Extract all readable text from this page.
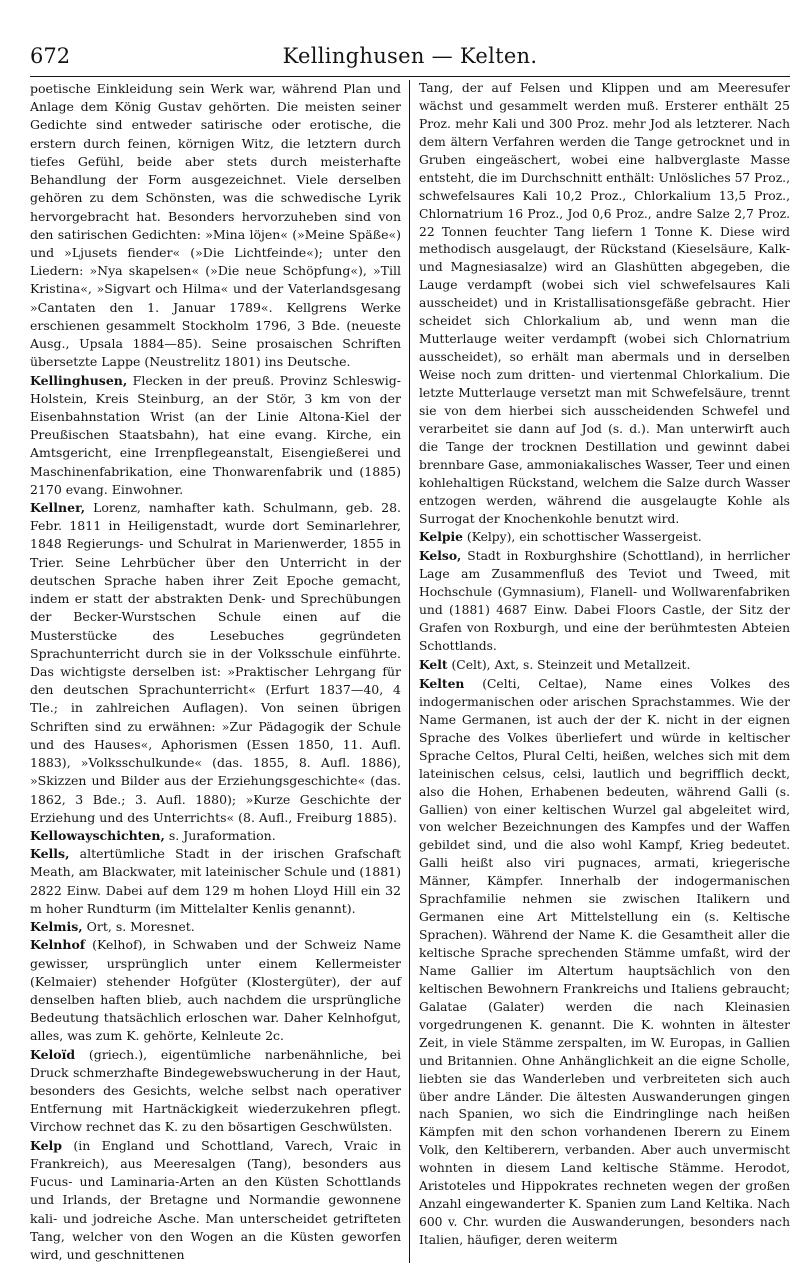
672	Kellinghusen — Kelten.

poetische Einkleidung sein Werk war, während Plan und Anlage dem König Gustav gehörten. Die meisten seiner Gedichte sind entweder satirische oder erotische, die erstern durch feinen, körnigen Witz, die letztern durch tiefes Gefühl, beide aber stets durch meisterhafte Behandlung der Form ausgezeichnet. Viele derselben gehören zu dem Schönsten, was die schwedische Lyrik hervorgebracht hat. Besonders hervorzuheben sind von den satirischen Gedichten: »Mina löjen« (»Meine Späße«) und »Ljusets fiender« (»Die Lichtfeinde«); unter den Liedern: »Nya skapelsen« (»Die neue Schöpfung«), »Till Kristina«, »Sigvart och Hilma« und der Vaterlandsgesang »Cantaten den 1. Januar 1789«. Kellgrens Werke erschienen gesammelt Stockholm 1796, 3 Bde. (neueste Ausg., Upsala 1884—85). Seine prosaischen Schriften übersetzte Lappe (Neustrelitz 1801) ins Deutsche.

Kellinghusen, Flecken in der preuß. Provinz Schleswig-Holstein, Kreis Steinburg, an der Stör, 3 km von der Eisenbahnstation Wrist (an der Linie Altona-Kiel der Preußischen Staatsbahn), hat eine evang. Kirche, ein Amtsgericht, eine Irrenpflegeanstalt, Eisengießerei und Maschinenfabrikation, eine Thonwarenfabrik und (1885) 2170 evang. Einwohner.

Kellner, Lorenz, namhafter kath. Schulmann, geb. 28. Febr. 1811 in Heiligenstadt, wurde dort Seminarlehrer, 1848 Regierungs- und Schulrat in Marienwerder, 1855 in Trier. Seine Lehrbücher über den Unterricht in der deutschen Sprache haben ihrer Zeit Epoche gemacht, indem er statt der abstrakten Denk- und Sprechübungen der Becker-Wurstschen Schule einen auf die Musterstücke des Lesebuches gegründeten Sprachunterricht durch sie in der Volksschule einführte. Das wichtigste derselben ist: »Praktischer Lehrgang für den deutschen Sprachunterricht« (Erfurt 1837—40, 4 Tle.; in zahlreichen Auflagen). Von seinen übrigen Schriften sind zu erwähnen: »Zur Pädagogik der Schule und des Hauses«, Aphorismen (Essen 1850, 11. Aufl. 1883), »Volksschulkunde« (das. 1855, 8. Aufl. 1886), »Skizzen und Bilder aus der Erziehungsgeschichte« (das. 1862, 3 Bde.; 3. Aufl. 1880); »Kurze Geschichte der Erziehung und des Unterrichts« (8. Aufl., Freiburg 1885).

Kellowayschichten, s. Juraformation.

Kells, altertümliche Stadt in der irischen Grafschaft Meath, am Blackwater, mit lateinischer Schule und (1881) 2822 Einw. Dabei auf dem 129 m hohen Lloyd Hill ein 32 m hoher Rundturm (im Mittelalter Kenlis genannt).

Kelmis, Ort, s. Moresnet.

Kelnhof (Kelhof), in Schwaben und der Schweiz Name gewisser, ursprünglich unter einem Kellermeister (Kelmaier) stehender Hofgüter (Klostergüter), der auf denselben haften blieb, auch nachdem die ursprüngliche Bedeutung thatsächlich erloschen war. Daher Kelnhofgut, alles, was zum K. gehörte, Kelnleute 2c.

Keloïd (griech.), eigentümliche narbenähnliche, bei Druck schmerzhafte Bindegewebswucherung in der Haut, besonders des Gesichts, welche selbst nach operativer Entfernung mit Hartnäckigkeit wiederzukehren pflegt. Virchow rechnet das K. zu den bösartigen Geschwülsten.

Kelp (in England und Schottland, Varech, Vraic in Frankreich), aus Meeresalgen (Tang), besonders aus Fucus- und Laminaria-Arten an den Küsten Schottlands und Irlands, der Bretagne und Normandie gewonnene kali- und jodreiche Asche. Man unterscheidet getrifteten Tang, welcher von den Wogen an die Küsten geworfen wird, und geschnittenen

Tang, der auf Felsen und Klippen und am Meeresufer wächst und gesammelt werden muß. Ersterer enthält 25 Proz. mehr Kali und 300 Proz. mehr Jod als letzterer. Nach dem ältern Verfahren werden die Tange getrocknet und in Gruben eingeäschert, wobei eine halbverglaste Masse entsteht, die im Durchschnitt enthält: Unlösliches 57 Proz., schwefelsaures Kali 10,2 Proz., Chlorkalium 13,5 Proz., Chlornatrium 16 Proz., Jod 0,6 Proz., andre Salze 2,7 Proz. 22 Tonnen feuchter Tang liefern 1 Tonne K. Diese wird methodisch ausgelaugt, der Rückstand (Kieselsäure, Kalk- und Magnesiasalze) wird an Glashütten abgegeben, die Lauge verdampft (wobei sich viel schwefelsaures Kali ausscheidet) und in Kristallisationsgefäße gebracht. Hier scheidet sich Chlorkalium ab, und wenn man die Mutterlauge weiter verdampft (wobei sich Chlornatrium ausscheidet), so erhält man abermals und in derselben Weise noch zum dritten- und viertenmal Chlorkalium. Die letzte Mutterlauge versetzt man mit Schwefelsäure, trennt sie von dem hierbei sich ausscheidenden Schwefel und verarbeitet sie dann auf Jod (s. d.). Man unterwirft auch die Tange der trocknen Destillation und gewinnt dabei brennbare Gase, ammoniakalisches Wasser, Teer und einen kohlehaltigen Rückstand, welchem die Salze durch Wasser entzogen werden, während die ausgelaugte Kohle als Surrogat der Knochenkohle benutzt wird.

Kelpie (Kelpy), ein schottischer Wassergeist.

Kelso, Stadt in Roxburghshire (Schottland), in herrlicher Lage am Zusammenfluß des Teviot und Tweed, mit Hochschule (Gymnasium), Flanell- und Wollwarenfabriken und (1881) 4687 Einw. Dabei Floors Castle, der Sitz der Grafen von Roxburgh, und eine der berühmtesten Abteien Schottlands.

Kelt (Celt), Axt, s. Steinzeit und Metallzeit.

Kelten (Celti, Celtae), Name eines Volkes des indogermanischen oder arischen Sprachstammes. Wie der Name Germanen, ist auch der der K. nicht in der eignen Sprache des Volkes überliefert und würde in keltischer Sprache Celtos, Plural Celti, heißen, welches sich mit dem lateinischen celsus, celsi, lautlich und begrifflich deckt, also die Hohen, Erhabenen bedeuten, während Galli (s. Gallien) von einer keltischen Wurzel gal abgeleitet wird, von welcher Bezeichnungen des Kampfes und der Waffen gebildet sind, und die also wohl Kampf, Krieg bedeutet. Galli heißt also viri pugnaces, armati, kriegerische Männer, Kämpfer. Innerhalb der indogermanischen Sprachfamilie nehmen sie zwischen Italikern und Germanen eine Art Mittelstellung ein (s. Keltische Sprachen). Während der Name K. die Gesamtheit aller die keltische Sprache sprechenden Stämme umfaßt, wird der Name Gallier im Altertum hauptsächlich von den keltischen Bewohnern Frankreichs und Italiens gebraucht; Galatae (Galater) werden die nach Kleinasien vorgedrungenen K. genannt. Die K. wohnten in ältester Zeit, in viele Stämme zerspalten, im W. Europas, in Gallien und Britannien. Ohne Anhänglichkeit an die eigne Scholle, liebten sie das Wanderleben und verbreiteten sich auch über andre Länder. Die ältesten Auswanderungen gingen nach Spanien, wo sich die Eindringlinge nach heißen Kämpfen mit den schon vorhandenen Iberern zu Einem Volk, den Keltiberern, verbanden. Aber auch unvermischt wohnten in diesem Land keltische Stämme. Herodot, Aristoteles und Hippokrates rechneten wegen der großen Anzahl eingewanderter K. Spanien zum Land Keltika. Nach 600 v. Chr. wurden die Auswanderungen, besonders nach Italien, häufiger, deren weiterm
